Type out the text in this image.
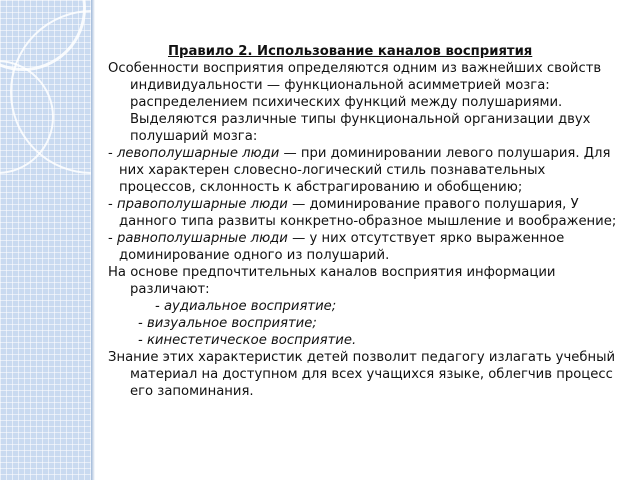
Правило 2. Использование каналов восприятия

Особенности восприятия определяются одним из важнейших свойств индивидуальности — функциональной асимметрией мозга: распределением психических функций между полушариями. Выделяются различные типы функциональной организации двух полушарий мозга:

- левополушарные люди — при доминировании левого полушария. Для них характерен словесно-логический стиль познавательных процессов, склонность к абстрагированию и обобщению;

- правополушарные люди — доминирование правого полушария, У данного типа развиты конкретно-образное мышление и воображение;

- равнополушарные люди — у них отсутствует ярко выраженное доминирование одного из полушарий.

На основе предпочтительных каналов восприятия информации различают:

- аудиальное восприятие;

- визуальное восприятие;

- кинестетическое восприятие.

Знание этих характеристик детей позволит педагогу излагать учебный материал на доступном для всех учащихся языке, облегчив процесс его запоминания.
